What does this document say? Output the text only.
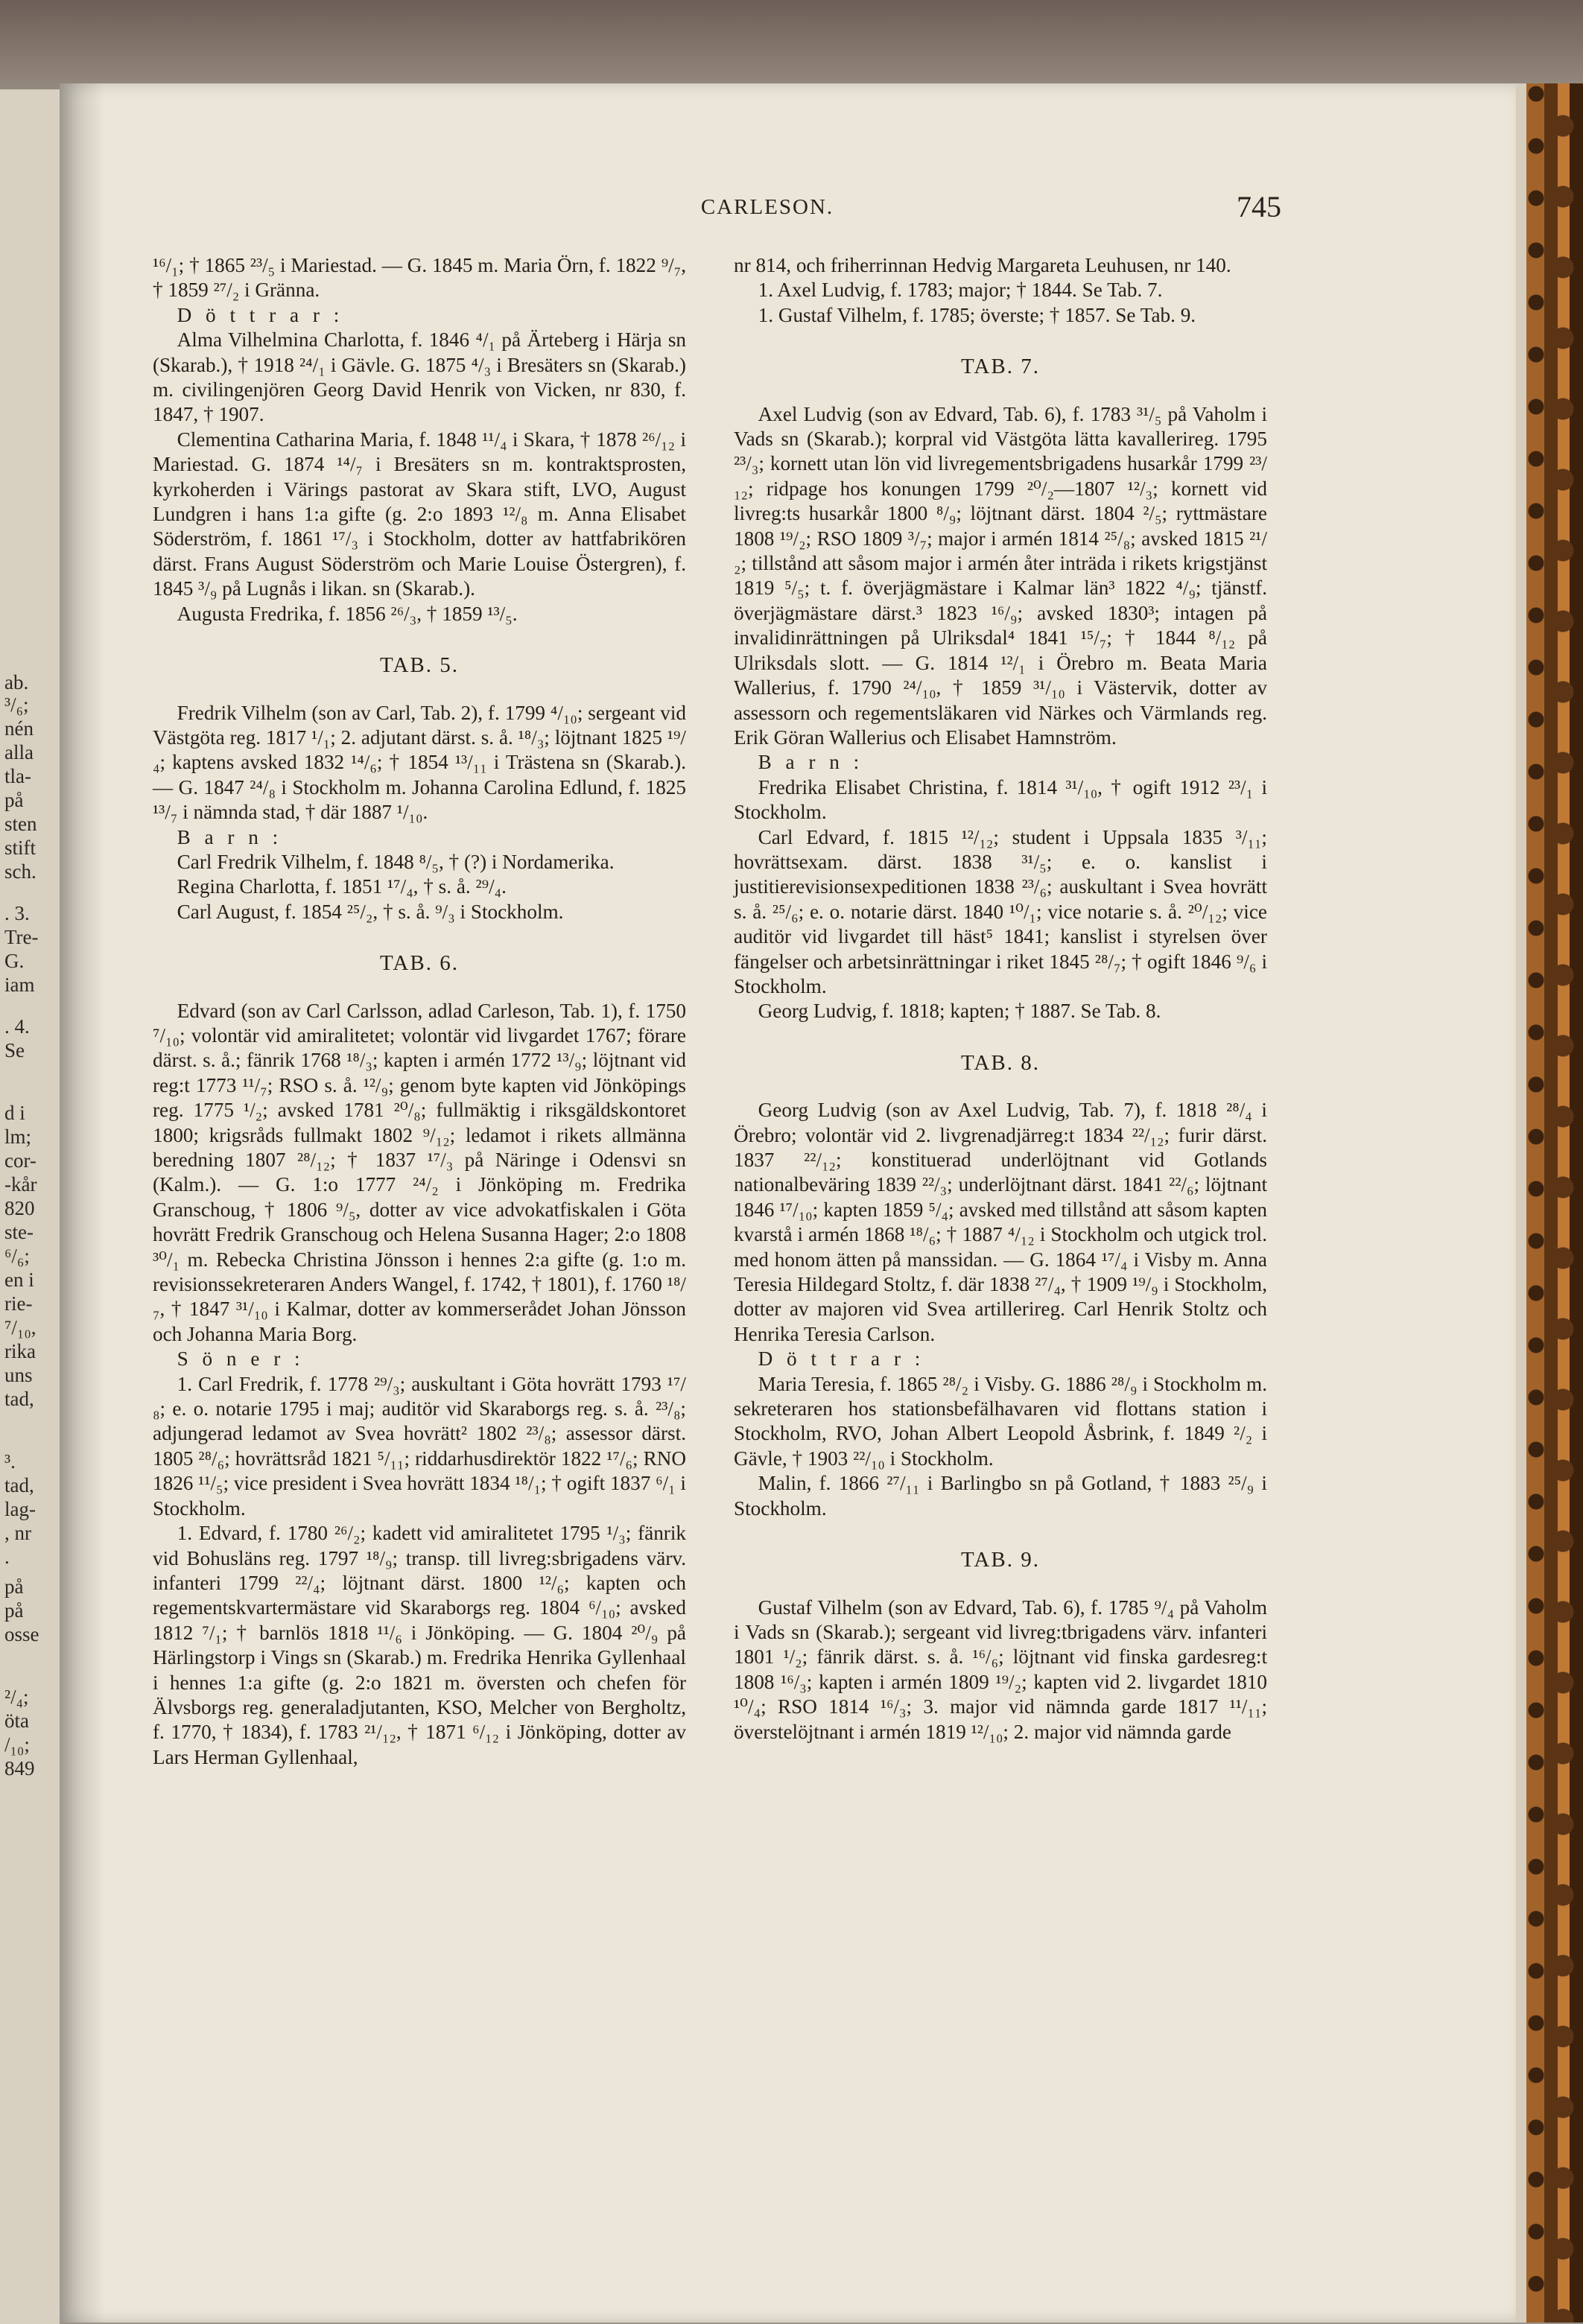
ab.
³/₆;
nén
alla
tla-
på
sten
stift
sch.
. 3.
Tre-
G.
iam
. 4.
Se
d i
lm;
cor-
-kår
820
ste-
⁶/₆;
en i
rie-
⁷/₁₀,
rika
uns
tad,
³.
tad,
lag-
, nr
.
på
på
osse
²/₄;
öta
/₁₀;
849
CARLESON.	745

¹⁶/₁; † 1865 ²³/₅ i Mariestad. — G. 1845 m. Maria Örn, f. 1822 ⁹/₇, † 1859 ²⁷/₂ i Gränna.

D ö t t r a r :

Alma Vilhelmina Charlotta, f. 1846 ⁴/₁ på Ärteberg i Härja sn (Skarab.), † 1918 ²⁴/₁ i Gävle. G. 1875 ⁴/₃ i Bresäters sn (Skarab.) m. civilingenjören Georg David Henrik von Vicken, nr 830, f. 1847, † 1907.

Clementina Catharina Maria, f. 1848 ¹¹/₄ i Skara, † 1878 ²⁶/₁₂ i Mariestad. G. 1874 ¹⁴/₇ i Bresäters sn m. kontraktsprosten, kyrkoherden i Värings pastorat av Skara stift, LVO, August Lundgren i hans 1:a gifte (g. 2:o 1893 ¹²/₈ m. Anna Elisabet Söderström, f. 1861 ¹⁷/₃ i Stockholm, dotter av hattfabrikören därst. Frans August Söderström och Marie Louise Östergren), f. 1845 ³/₉ på Lugnås i likan. sn (Skarab.).

Augusta Fredrika, f. 1856 ²⁶/₃, † 1859 ¹³/₅.

TAB. 5.

Fredrik Vilhelm (son av Carl, Tab. 2), f. 1799 ⁴/₁₀; sergeant vid Västgöta reg. 1817 ¹/₁; 2. adjutant därst. s. å. ¹⁸/₃; löjtnant 1825 ¹⁹/₄; kaptens avsked 1832 ¹⁴/₆; † 1854 ¹³/₁₁ i Trästena sn (Skarab.). — G. 1847 ²⁴/₈ i Stockholm m. Johanna Carolina Edlund, f. 1825 ¹³/₇ i nämnda stad, † där 1887 ¹/₁₀.

B a r n :

Carl Fredrik Vilhelm, f. 1848 ⁸/₅, † (?) i Nordamerika.

Regina Charlotta, f. 1851 ¹⁷/₄, † s. å. ²⁹/₄.

Carl August, f. 1854 ²⁵/₂, † s. å. ⁹/₃ i Stockholm.

TAB. 6.

Edvard (son av Carl Carlsson, adlad Carleson, Tab. 1), f. 1750 ⁷/₁₀; volontär vid amiralitetet; volontär vid livgardet 1767; förare därst. s. å.; fänrik 1768 ¹⁸/₃; kapten i armén 1772 ¹³/₉; löjtnant vid reg:t 1773 ¹¹/₇; RSO s. å. ¹²/₉; genom byte kapten vid Jönköpings reg. 1775 ¹/₂; avsked 1781 ²⁰/₈; fullmäktig i riksgäldskontoret 1800; krigsråds fullmakt 1802 ⁹/₁₂; ledamot i rikets allmänna beredning 1807 ²⁸/₁₂; † 1837 ¹⁷/₃ på Näringe i Odensvi sn (Kalm.). — G. 1:o 1777 ²⁴/₂ i Jönköping m. Fredrika Granschoug, † 1806 ⁹/₅, dotter av vice advokatfiskalen i Göta hovrätt Fredrik Granschoug och Helena Susanna Hager; 2:o 1808 ³⁰/₁ m. Rebecka Christina Jönsson i hennes 2:a gifte (g. 1:o m. revisionssekreteraren Anders Wangel, f. 1742, † 1801), f. 1760 ¹⁸/₇, † 1847 ³¹/₁₀ i Kalmar, dotter av kommerserådet Johan Jönsson och Johanna Maria Borg.

S ö n e r :

1. Carl Fredrik, f. 1778 ²⁹/₃; auskultant i Göta hovrätt 1793 ¹⁷/₈; e. o. notarie 1795 i maj; auditör vid Skaraborgs reg. s. å. ²³/₈; adjungerad ledamot av Svea hovrätt² 1802 ²³/₈; assessor därst. 1805 ²⁸/₆; hovrättsråd 1821 ⁵/₁₁; riddarhusdirektör 1822 ¹⁷/₆; RNO 1826 ¹¹/₅; vice president i Svea hovrätt 1834 ¹⁸/₁; † ogift 1837 ⁶/₁ i Stockholm.

1. Edvard, f. 1780 ²⁶/₂; kadett vid amiralitetet 1795 ¹/₃; fänrik vid Bohusläns reg. 1797 ¹⁸/₉; transp. till livreg:sbrigadens värv. infanteri 1799 ²²/₄; löjtnant därst. 1800 ¹²/₆; kapten och regementskvartermästare vid Skaraborgs reg. 1804 ⁶/₁₀; avsked 1812 ⁷/₁; † barnlös 1818 ¹¹/₆ i Jönköping. — G. 1804 ²⁰/₉ på Härlingstorp i Vings sn (Skarab.) m. Fredrika Henrika Gyllenhaal i hennes 1:a gifte (g. 2:o 1821 m. översten och chefen för Älvsborgs reg. generaladjutanten, KSO, Melcher von Bergholtz, f. 1770, † 1834), f. 1783 ²¹/₁₂, † 1871 ⁶/₁₂ i Jönköping, dotter av Lars Herman Gyllenhaal,

nr 814, och friherrinnan Hedvig Margareta Leuhusen, nr 140.

1. Axel Ludvig, f. 1783; major; † 1844. Se Tab. 7.

1. Gustaf Vilhelm, f. 1785; överste; † 1857. Se Tab. 9.

TAB. 7.

Axel Ludvig (son av Edvard, Tab. 6), f. 1783 ³¹/₅ på Vaholm i Vads sn (Skarab.); korpral vid Västgöta lätta kavallerireg. 1795 ²³/₃; kornett utan lön vid livregementsbrigadens husarkår 1799 ²³/₁₂; ridpage hos konungen 1799 ²⁰/₂—1807 ¹²/₃; kornett vid livreg:ts husarkår 1800 ⁸/₉; löjtnant därst. 1804 ²/₅; ryttmästare 1808 ¹⁹/₂; RSO 1809 ³/₇; major i armén 1814 ²⁵/₈; avsked 1815 ²¹/₂; tillstånd att såsom major i armén åter inträda i rikets krigstjänst 1819 ⁵/₅; t. f. överjägmästare i Kalmar län³ 1822 ⁴/₉; tjänstf. överjägmästare därst.³ 1823 ¹⁶/₉; avsked 1830³; intagen på invalidinrättningen på Ulriksdal⁴ 1841 ¹⁵/₇; † 1844 ⁸/₁₂ på Ulriksdals slott. — G. 1814 ¹²/₁ i Örebro m. Beata Maria Wallerius, f. 1790 ²⁴/₁₀, † 1859 ³¹/₁₀ i Västervik, dotter av assessorn och regementsläkaren vid Närkes och Värmlands reg. Erik Göran Wallerius och Elisabet Hamnström.

B a r n :

Fredrika Elisabet Christina, f. 1814 ³¹/₁₀, † ogift 1912 ²³/₁ i Stockholm.

Carl Edvard, f. 1815 ¹²/₁₂; student i Uppsala 1835 ³/₁₁; hovrättsexam. därst. 1838 ³¹/₅; e. o. kanslist i justitierevisionsexpeditionen 1838 ²³/₆; auskultant i Svea hovrätt s. å. ²⁵/₆; e. o. notarie därst. 1840 ¹⁰/₁; vice notarie s. å. ²⁰/₁₂; vice auditör vid livgardet till häst⁵ 1841; kanslist i styrelsen över fängelser och arbetsinrättningar i riket 1845 ²⁸/₇; † ogift 1846 ⁹/₆ i Stockholm.

Georg Ludvig, f. 1818; kapten; † 1887. Se Tab. 8.

TAB. 8.

Georg Ludvig (son av Axel Ludvig, Tab. 7), f. 1818 ²⁸/₄ i Örebro; volontär vid 2. livgrenadjärreg:t 1834 ²²/₁₂; furir därst. 1837 ²²/₁₂; konstituerad underlöjtnant vid Gotlands nationalbeväring 1839 ²²/₃; underlöjtnant därst. 1841 ²²/₆; löjtnant 1846 ¹⁷/₁₀; kapten 1859 ⁵/₄; avsked med tillstånd att såsom kapten kvarstå i armén 1868 ¹⁸/₆; † 1887 ⁴/₁₂ i Stockholm och utgick trol. med honom ätten på manssidan. — G. 1864 ¹⁷/₄ i Visby m. Anna Teresia Hildegard Stoltz, f. där 1838 ²⁷/₄, † 1909 ¹⁹/₉ i Stockholm, dotter av majoren vid Svea artillerireg. Carl Henrik Stoltz och Henrika Teresia Carlson.

D ö t t r a r :

Maria Teresia, f. 1865 ²⁸/₂ i Visby. G. 1886 ²⁸/₉ i Stockholm m. sekreteraren hos stationsbefälhavaren vid flottans station i Stockholm, RVO, Johan Albert Leopold Åsbrink, f. 1849 ²/₂ i Gävle, † 1903 ²²/₁₀ i Stockholm.

Malin, f. 1866 ²⁷/₁₁ i Barlingbo sn på Gotland, † 1883 ²⁵/₉ i Stockholm.

TAB. 9.

Gustaf Vilhelm (son av Edvard, Tab. 6), f. 1785 ⁹/₄ på Vaholm i Vads sn (Skarab.); sergeant vid livreg:tbrigadens värv. infanteri 1801 ¹/₂; fänrik därst. s. å. ¹⁶/₆; löjtnant vid finska gardesreg:t 1808 ¹⁶/₃; kapten i armén 1809 ¹⁹/₂; kapten vid 2. livgardet 1810 ¹⁰/₄; RSO 1814 ¹⁶/₃; 3. major vid nämnda garde 1817 ¹¹/₁₁; överstelöjtnant i armén 1819 ¹²/₁₀; 2. major vid nämnda garde
